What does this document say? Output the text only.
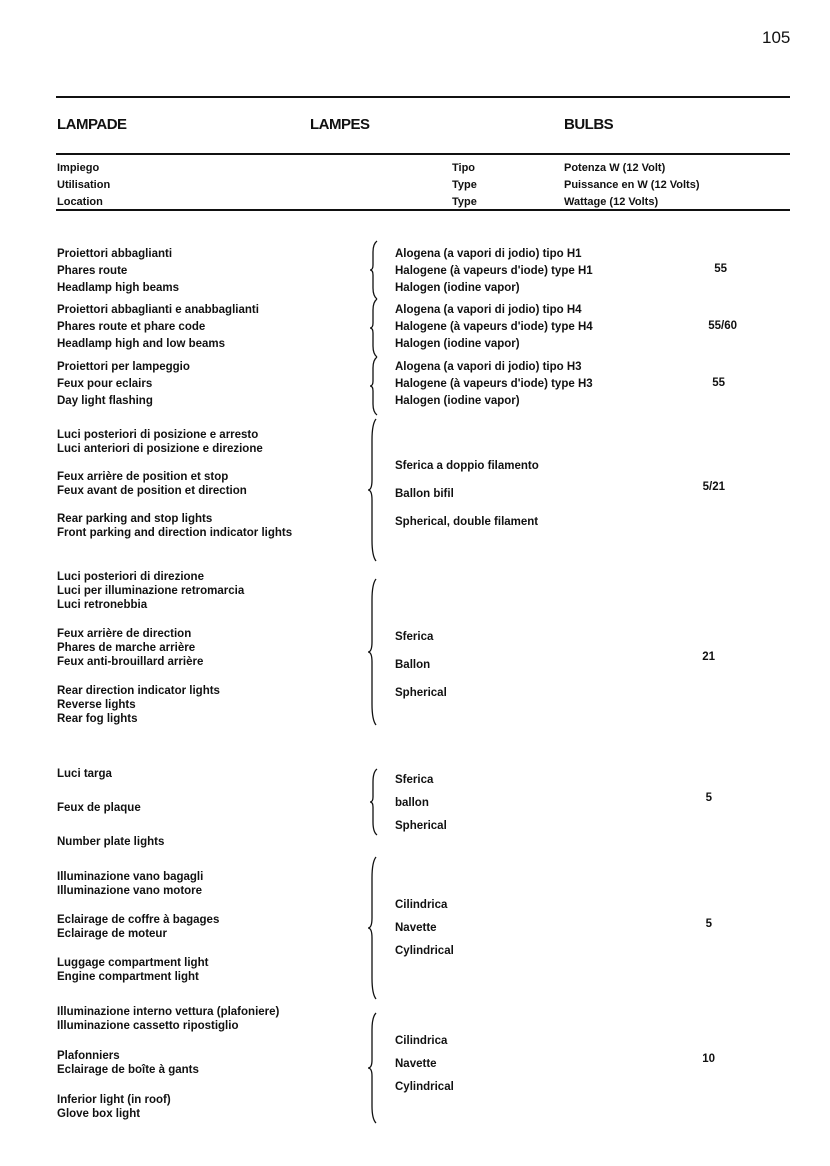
105
LAMPADE	LAMPES	BULBS
Impiego
Utilisation
Location
Tipo
Type
Type
Potenza W (12 Volt)
Puissance en W (12 Volts)
Wattage (12 Volts)
Proiettori abbaglianti
Phares route
Headlamp high beams
Alogena (a vapori di jodio) tipo H1
Halogene (à vapeurs d'iode) type H1
Halogen (iodine vapor)
55
Proiettori abbaglianti e anabbaglianti
Phares route et phare code
Headlamp high and low beams
Alogena (a vapori di jodio) tipo H4
Halogene (à vapeurs d'iode) type H4
Halogen (iodine vapor)
55/60
Proiettori per lampeggio
Feux pour eclairs
Day light flashing
Alogena (a vapori di jodio) tipo H3
Halogene (à vapeurs d'iode) type H3
Halogen (iodine vapor)
55
Luci posteriori di posizione e arresto
Luci anteriori di posizione e direzione
Feux arrière de position et stop
Feux avant de position et direction
Rear parking and stop lights
Front parking and direction indicator lights
Sferica a doppio filamento
Ballon bifil
Spherical, double filament
5/21
Luci posteriori di direzione
Luci per illuminazione retromarcia
Luci retronebbia
Feux arrière de direction
Phares de marche arrière
Feux anti-brouillard arrière
Rear direction indicator lights
Reverse lights
Rear fog lights
Sferica
Ballon
Spherical
21
Luci targa
Feux de plaque
Number plate lights
Sferica
ballon
Spherical
5
Illuminazione vano bagagli
Illuminazione vano motore
Eclairage de coffre à bagages
Eclairage de moteur
Luggage compartment light
Engine compartment light
Cilindrica
Navette
Cylindrical
5
Illuminazione interno vettura (plafoniere)
Illuminazione cassetto ripostiglio
Plafonniers
Eclairage de boîte à gants
Inferior light (in roof)
Glove box light
Cilindrica
Navette
Cylindrical
10
